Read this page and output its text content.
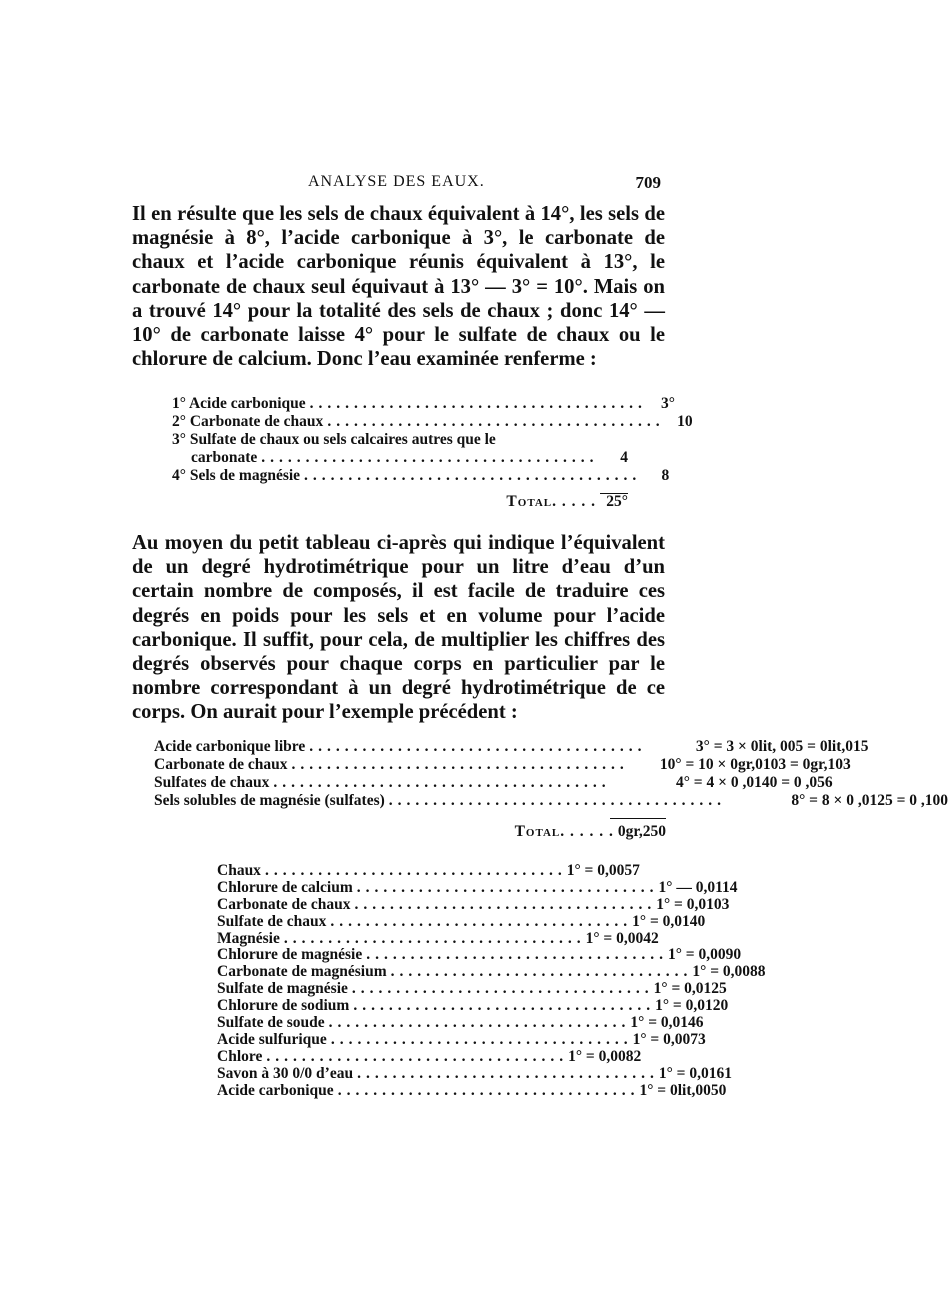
ANALYSE DES EAUX.	709

Il en résulte que les sels de chaux équivalent à 14°, les sels de magnésie à 8°, l’acide carbonique à 3°, le carbonate de chaux et l’acide carbonique réunis équivalent à 13°, le carbonate de chaux seul équivaut à 13° — 3° = 10°. Mais on a trouvé 14° pour la totalité des sels de chaux ; donc 14° — 10° de carbonate laisse 4° pour le sulfate de chaux ou le chlorure de calcium. Donc l’eau examinée renferme :

1° Acide carbonique ...................................... 3°
2° Carbonate de chaux ...................................... 10
3° Sulfate de chaux ou sels calcaires autres que le
carbonate ......................................	4
4° Sels de magnésie ......................................	8
Total. . . . . 25°

Au moyen du petit tableau ci-après qui indique l’équivalent de un degré hydrotimétrique pour un litre d’eau d’un certain nombre de composés, il est facile de traduire ces degrés en poids pour les sels et en volume pour l’acide carbonique. Il suffit, pour cela, de multiplier les chiffres des degrés observés pour chaque corps en particulier par le nombre correspondant à un degré hydrotimétrique de ce corps. On aurait pour l’exemple précédent :

Acide carbonique libre ......................................	3° = 3 × 0lit, 005 = 0lit,015
Carbonate de chaux ......................................	10° = 10 × 0gr,0103 = 0gr,103
Sulfates de chaux ......................................	4° = 4 × 0 ,0140 = 0 ,056
Sels solubles de magnésie (sulfates) ......................................	8° = 8 × 0 ,0125 = 0 ,100
Total. . . . . . 0gr,250
Chaux .................................. 1° = 0,0057
Chlorure de calcium .................................. 1° — 0,0114
Carbonate de chaux .................................. 1° = 0,0103
Sulfate de chaux .................................. 1° = 0,0140
Magnésie .................................. 1° = 0,0042
Chlorure de magnésie .................................. 1° = 0,0090
Carbonate de magnésium .................................. 1° = 0,0088
Sulfate de magnésie .................................. 1° = 0,0125
Chlorure de sodium .................................. 1° = 0,0120
Sulfate de soude .................................. 1° = 0,0146
Acide sulfurique .................................. 1° = 0,0073
Chlore .................................. 1° = 0,0082
Savon à 30 0/0 d’eau .................................. 1° = 0,0161
Acide carbonique .................................. 1° = 0lit,0050
